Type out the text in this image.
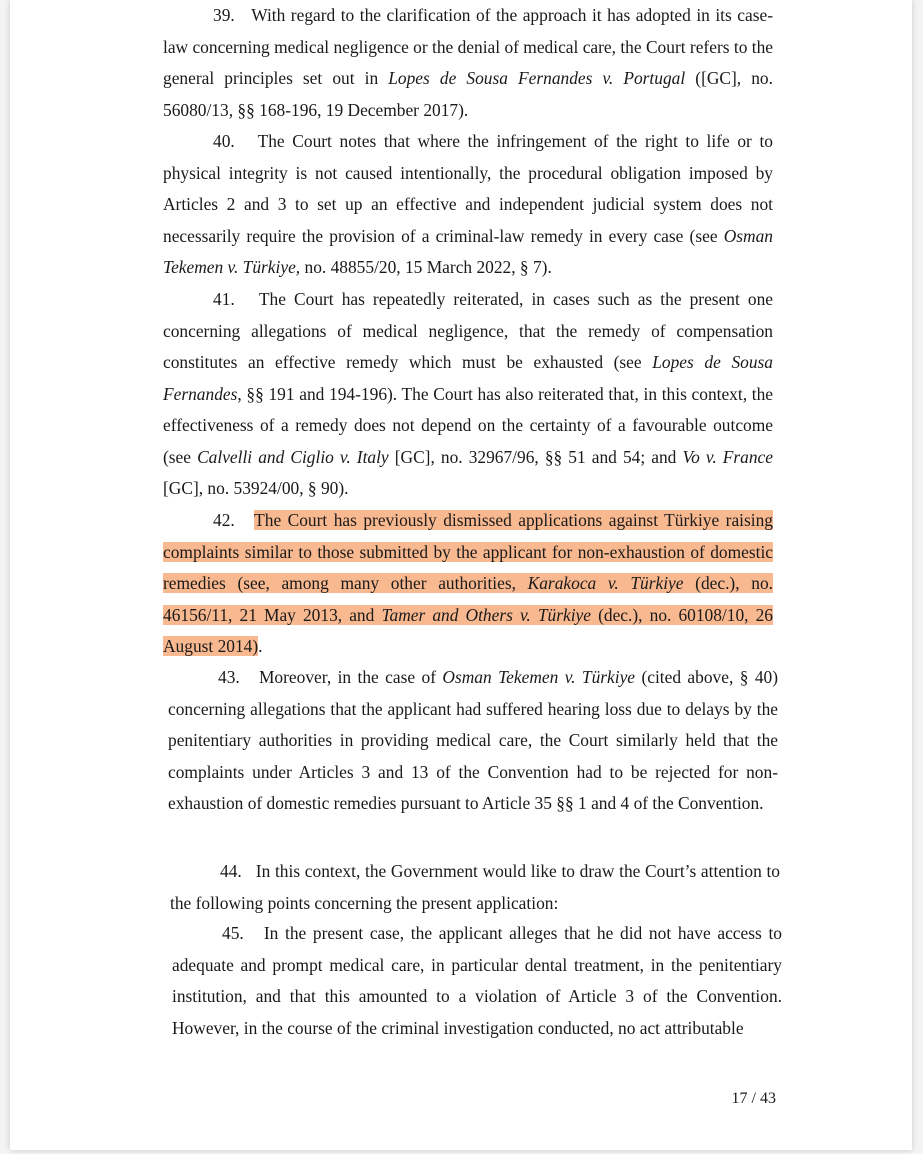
39.   With regard to the clarification of the approach it has adopted in its case-law concerning medical negligence or the denial of medical care, the Court refers to the general principles set out in Lopes de Sousa Fernandes v. Portugal ([GC], no. 56080/13, §§ 168-196, 19 December 2017).

40.   The Court notes that where the infringement of the right to life or to physical integrity is not caused intentionally, the procedural obligation imposed by Articles 2 and 3 to set up an effective and independent judicial system does not necessarily require the provision of a criminal-law remedy in every case (see Osman Tekemen v. Türkiye, no. 48855/20, 15 March 2022, § 7).

41.   The Court has repeatedly reiterated, in cases such as the present one concerning allegations of medical negligence, that the remedy of compensation constitutes an effective remedy which must be exhausted (see Lopes de Sousa Fernandes, §§ 191 and 194-196). The Court has also reiterated that, in this context, the effectiveness of a remedy does not depend on the certainty of a favourable outcome (see Calvelli and Ciglio v. Italy [GC], no. 32967/96, §§ 51 and 54; and Vo v. France [GC], no. 53924/00, § 90).

42.   The Court has previously dismissed applications against Türkiye raising complaints similar to those submitted by the applicant for non-exhaustion of domestic remedies (see, among many other authorities, Karakoca v. Türkiye (dec.), no. 46156/11, 21 May 2013, and Tamer and Others v. Türkiye (dec.), no. 60108/10, 26 August 2014).

43.   Moreover, in the case of Osman Tekemen v. Türkiye (cited above, § 40) concerning allegations that the applicant had suffered hearing loss due to delays by the penitentiary authorities in providing medical care, the Court similarly held that the complaints under Articles 3 and 13 of the Convention had to be rejected for non-exhaustion of domestic remedies pursuant to Article 35 §§ 1 and 4 of the Convention.

44.   In this context, the Government would like to draw the Court’s attention to the following points concerning the present application:

45.   In the present case, the applicant alleges that he did not have access to adequate and prompt medical care, in particular dental treatment, in the penitentiary institution, and that this amounted to a violation of Article 3 of the Convention. However, in the course of the criminal investigation conducted, no act attributable

17 / 43
